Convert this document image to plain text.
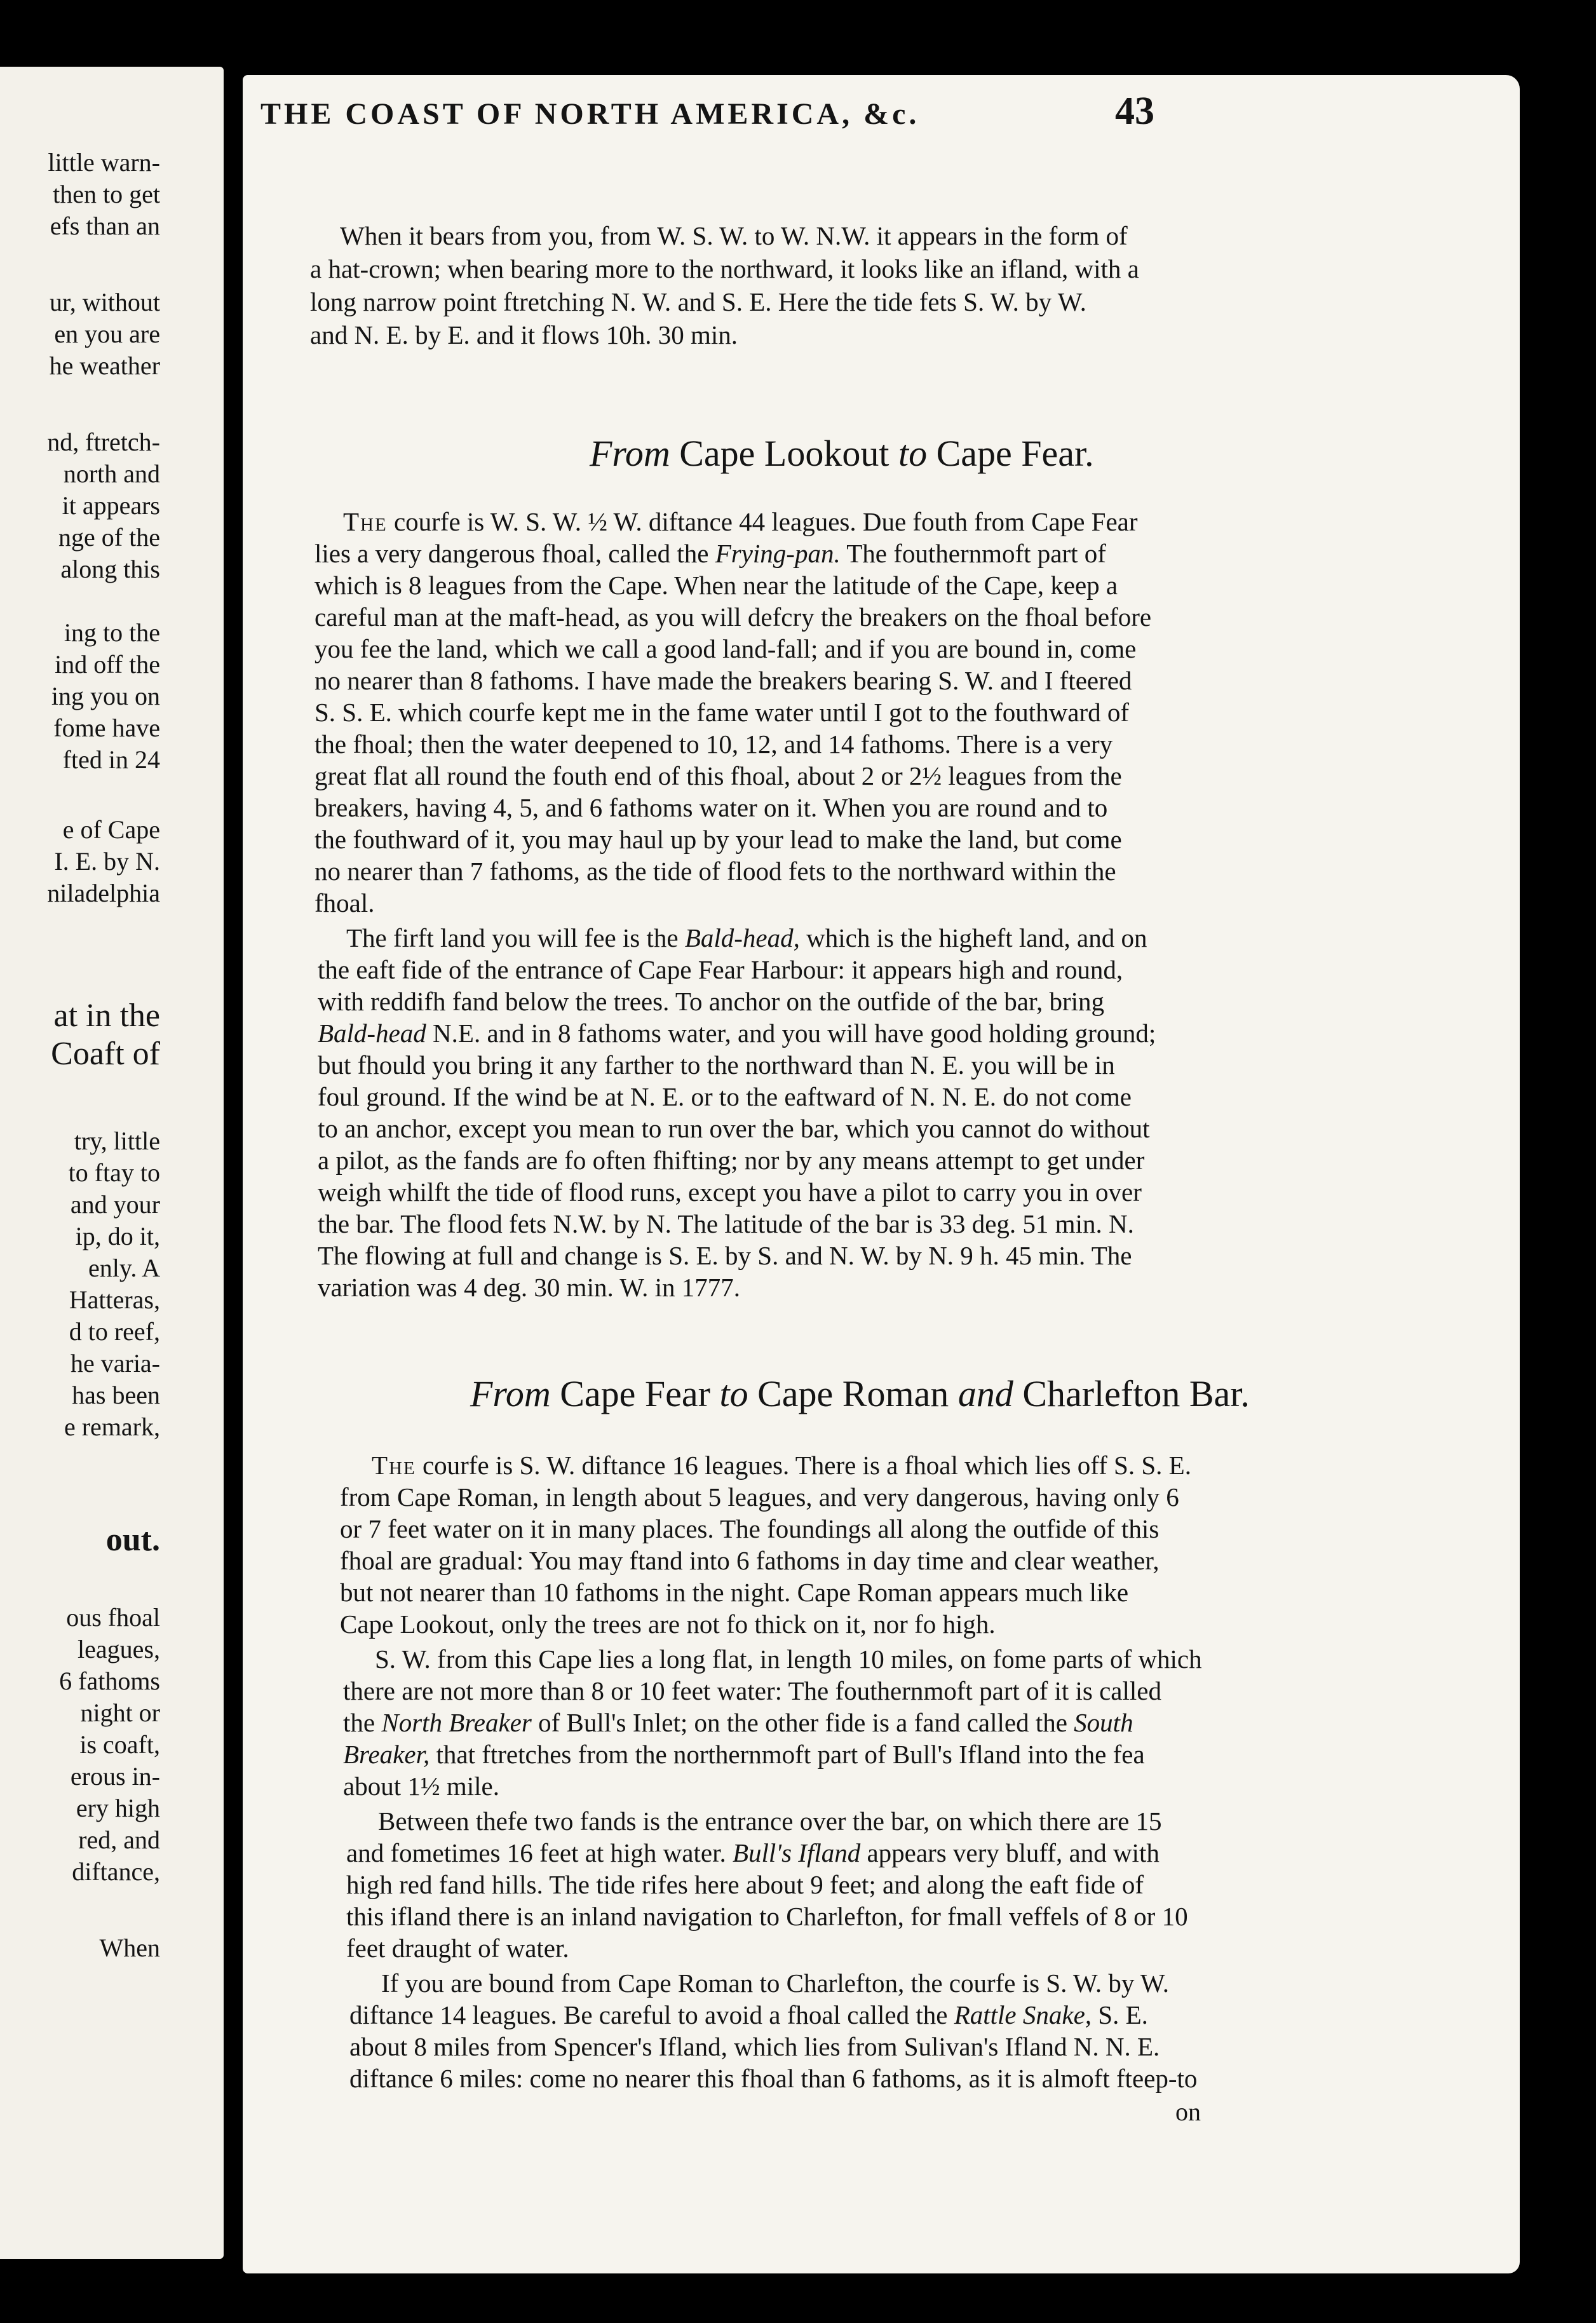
little warn-
then to get
efs than an
ur, without
en you are
he weather
nd, ftretch-
north and
it appears
nge of the
along this
ing to the
ind off the
ing you on
fome have
fted in 24
e of Cape
I. E. by N.
niladelphia
at in the
Coaft of
try, little
to ftay to
and your
ip, do it,
enly. A
Hatteras,
d to reef,
he varia-
has been
e remark,
out.
ous fhoal
leagues,
6 fathoms
night or
is coaft,
erous in-
ery high
red, and
diftance,
When
THE COAST OF NORTH AMERICA, &c.	43
When it bears from you, from W. S. W. to W. N.W. it appears in the form of
a hat-crown; when bearing more to the northward, it looks like an ifland, with a
long narrow point ftretching N. W. and S. E. Here the tide fets S. W. by W.
and N. E. by E. and it flows 10h. 30 min.
From Cape Lookout to Cape Fear.
The courfe is W. S. W. ½ W. diftance 44 leagues. Due fouth from Cape Fear
lies a very dangerous fhoal, called the Frying-pan. The fouthernmoft part of
which is 8 leagues from the Cape. When near the latitude of the Cape, keep a
careful man at the maft-head, as you will defcry the breakers on the fhoal before
you fee the land, which we call a good land-fall; and if you are bound in, come
no nearer than 8 fathoms. I have made the breakers bearing S. W. and I fteered
S. S. E. which courfe kept me in the fame water until I got to the fouthward of
the fhoal; then the water deepened to 10, 12, and 14 fathoms. There is a very
great flat all round the fouth end of this fhoal, about 2 or 2½ leagues from the
breakers, having 4, 5, and 6 fathoms water on it. When you are round and to
the fouthward of it, you may haul up by your lead to make the land, but come
no nearer than 7 fathoms, as the tide of flood fets to the northward within the
fhoal.
The firft land you will fee is the Bald-head, which is the higheft land, and on
the eaft fide of the entrance of Cape Fear Harbour: it appears high and round,
with reddifh fand below the trees. To anchor on the outfide of the bar, bring
Bald-head N.E. and in 8 fathoms water, and you will have good holding ground;
but fhould you bring it any farther to the northward than N. E. you will be in
foul ground. If the wind be at N. E. or to the eaftward of N. N. E. do not come
to an anchor, except you mean to run over the bar, which you cannot do without
a pilot, as the fands are fo often fhifting; nor by any means attempt to get under
weigh whilft the tide of flood runs, except you have a pilot to carry you in over
the bar. The flood fets N.W. by N. The latitude of the bar is 33 deg. 51 min. N.
The flowing at full and change is S. E. by S. and N. W. by N. 9 h. 45 min. The
variation was 4 deg. 30 min. W. in 1777.
From Cape Fear to Cape Roman and Charlefton Bar.
The courfe is S. W. diftance 16 leagues. There is a fhoal which lies off S. S. E.
from Cape Roman, in length about 5 leagues, and very dangerous, having only 6
or 7 feet water on it in many places. The foundings all along the outfide of this
fhoal are gradual: You may ftand into 6 fathoms in day time and clear weather,
but not nearer than 10 fathoms in the night. Cape Roman appears much like
Cape Lookout, only the trees are not fo thick on it, nor fo high.
S. W. from this Cape lies a long flat, in length 10 miles, on fome parts of which
there are not more than 8 or 10 feet water: The fouthernmoft part of it is called
the North Breaker of Bull's Inlet; on the other fide is a fand called the South
Breaker, that ftretches from the northernmoft part of Bull's Ifland into the fea
about 1½ mile.
Between thefe two fands is the entrance over the bar, on which there are 15
and fometimes 16 feet at high water. Bull's Ifland appears very bluff, and with
high red fand hills. The tide rifes here about 9 feet; and along the eaft fide of
this ifland there is an inland navigation to Charlefton, for fmall veffels of 8 or 10
feet draught of water.
If you are bound from Cape Roman to Charlefton, the courfe is S. W. by W.
diftance 14 leagues. Be careful to avoid a fhoal called the Rattle Snake, S. E.
about 8 miles from Spencer's Ifland, which lies from Sulivan's Ifland N. N. E.
diftance 6 miles: come no nearer this fhoal than 6 fathoms, as it is almoft fteep-to
on
